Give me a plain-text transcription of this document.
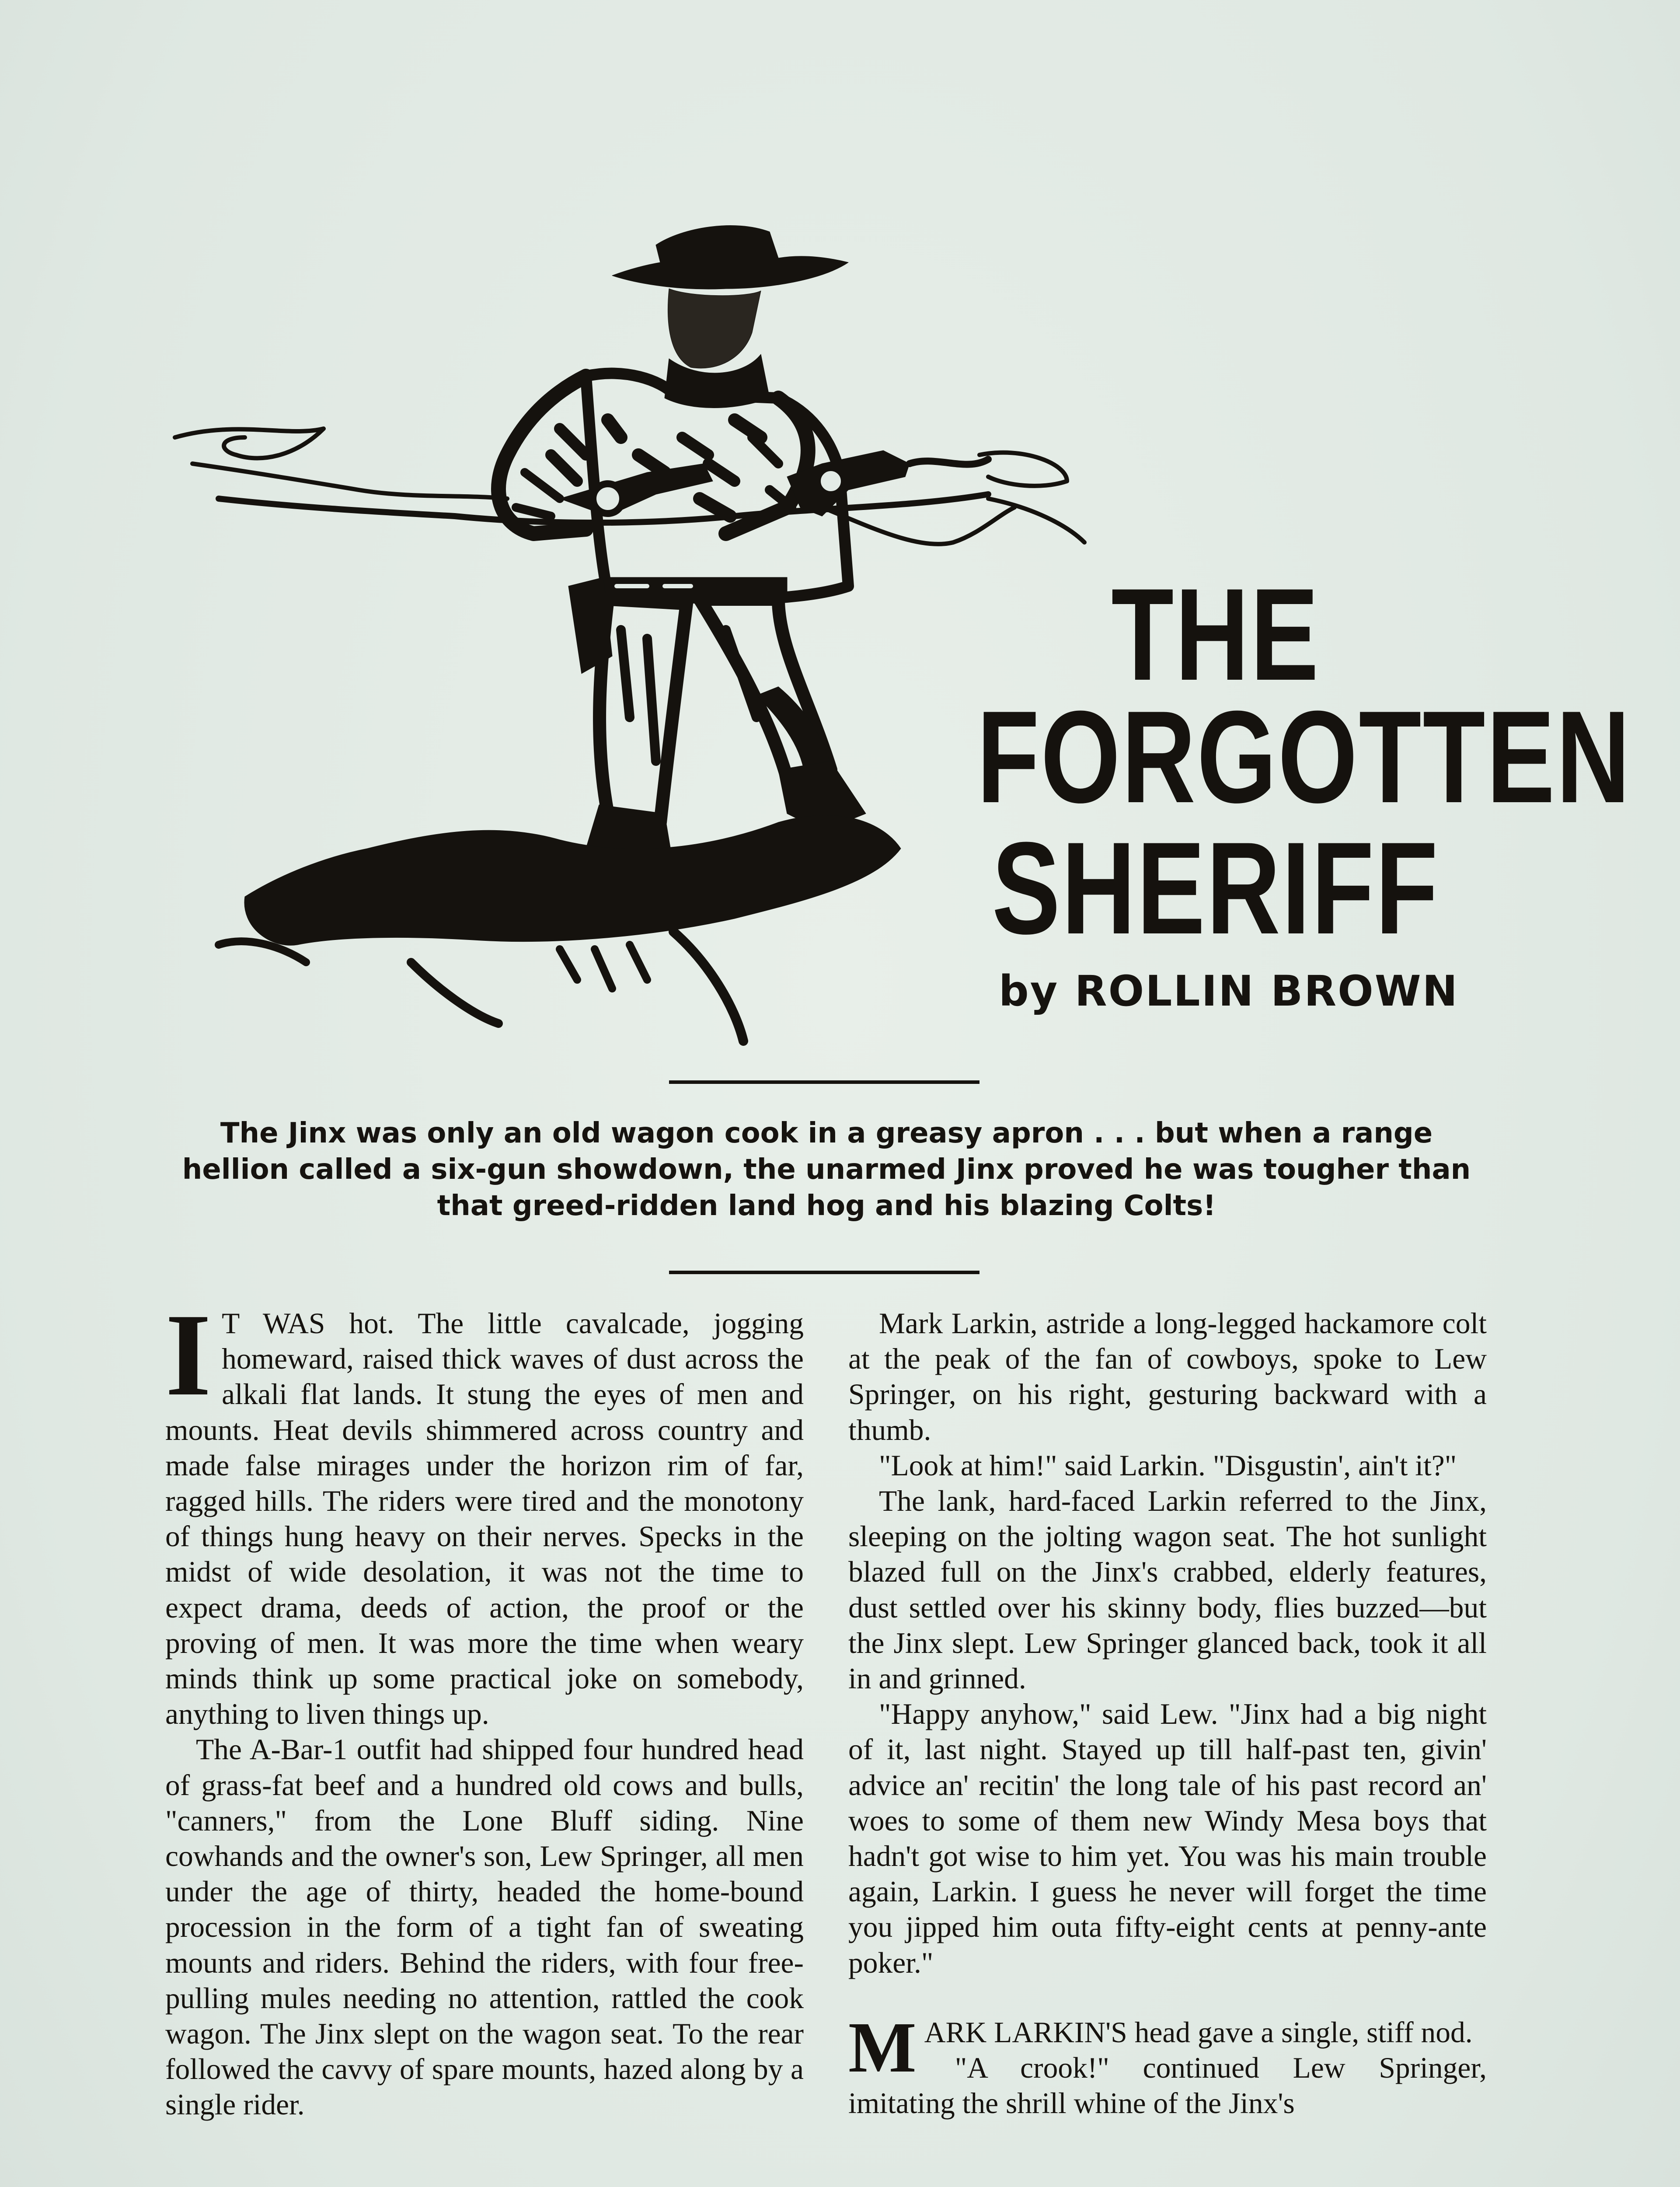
THE
FORGOTTEN
SHERIFF
by ROLLIN BROWN
The Jinx was only an old wagon cook in a greasy apron . . . but when a range hellion called a six-gun showdown, the unarmed Jinx proved he was tougher than that greed-ridden land hog and his blazing Colts!

I T WAS hot. The little cavalcade, jogging homeward, raised thick waves of dust across the alkali flat lands. It stung the eyes of men and mounts. Heat devils shimmered across country and made false mirages under the horizon rim of far, ragged hills. The riders were tired and the monotony of things hung heavy on their nerves. Specks in the midst of wide desolation, it was not the time to expect drama, deeds of action, the proof or the proving of men. It was more the time when weary minds think up some practical joke on somebody, anything to liven things up.

The A-Bar-1 outfit had shipped four hundred head of grass-fat beef and a hundred old cows and bulls, "canners," from the Lone Bluff siding. Nine cowhands and the owner's son, Lew Springer, all men under the age of thirty, headed the home-bound procession in the form of a tight fan of sweating mounts and riders. Behind the riders, with four free-pulling mules needing no attention, rattled the cook wagon. The Jinx slept on the wagon seat. To the rear followed the cavvy of spare mounts, hazed along by a single rider.

Mark Larkin, astride a long-legged hackamore colt at the peak of the fan of cowboys, spoke to Lew Springer, on his right, gesturing backward with a thumb.

"Look at him!" said Larkin. "Disgustin', ain't it?"

The lank, hard-faced Larkin referred to the Jinx, sleeping on the jolting wagon seat. The hot sunlight blazed full on the Jinx's crabbed, elderly features, dust settled over his skinny body, flies buzzed—but the Jinx slept. Lew Springer glanced back, took it all in and grinned.

"Happy anyhow," said Lew. "Jinx had a big night of it, last night. Stayed up till half-past ten, givin' advice an' recitin' the long tale of his past record an' woes to some of them new Windy Mesa boys that hadn't got wise to him yet. You was his main trouble again, Larkin. I guess he never will forget the time you jipped him outa fifty-eight cents at penny-ante poker."

MARK LARKIN'S head gave a single, stiff nod.

"A crook!" continued Lew Springer, imitating the shrill whine of the Jinx's
